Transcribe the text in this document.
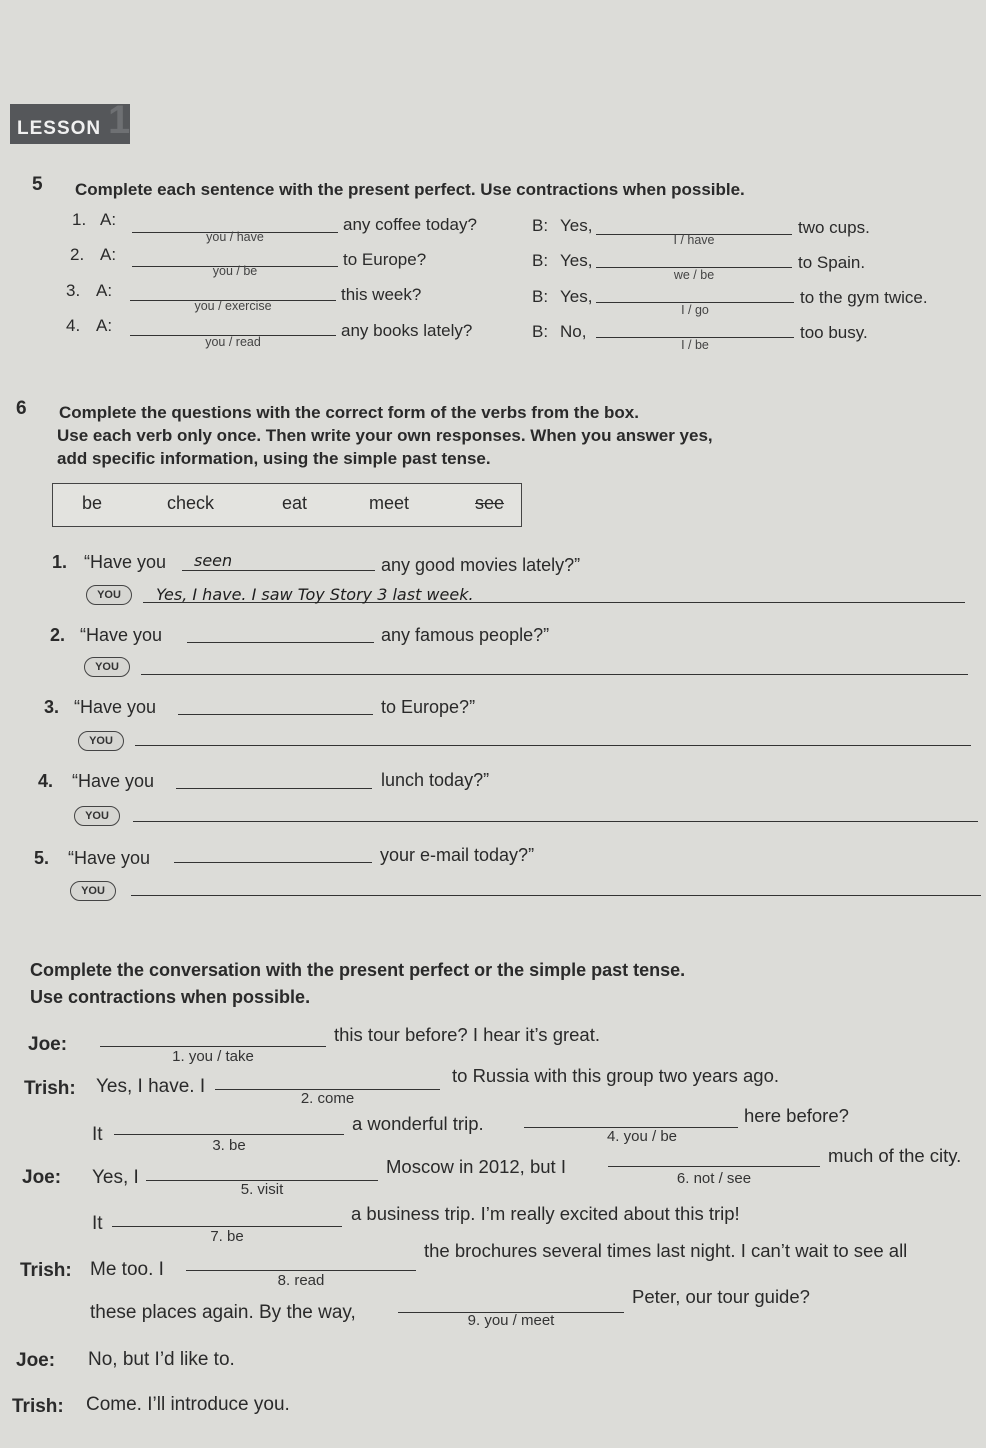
1
LESSON
5 Complete each sentence with the present perfect. Use contractions when possible.
1. A:
you / have
any coffee today?	B: Yes,
I / have
two cups.
2. A:
you / be
to Europe?	B: Yes,
we / be
to Spain.
3. A:
you / exercise
this week?	B: Yes,
I / go
to the gym twice.
4. A:
you / read
any books lately?	B: No,
I / be
too busy.
6 Complete the questions with the correct form of the verbs from the box.
Use each verb only once. Then write your own responses. When you answer yes,
add specific information, using the simple past tense.
be	check	eat	meet	see
1. “Have you seen	any good movies lately?”
YOU	Yes, I have. I saw Toy Story 3 last week.
2. “Have you	any famous people?”
YOU
3. “Have you	to Europe?”
YOU
4. “Have you	lunch today?”
YOU
5. “Have you	your e-mail today?”
YOU
Complete the conversation with the present perfect or the simple past tense.
Use contractions when possible.
Joe:
1. you / take
this tour before? I hear it’s great.
Trish: Yes, I have. I
2. come
to Russia with this group two years ago.
It
3. be
a wonderful trip.
4. you / be
here before?
Joe: Yes, I
5. visit
Moscow in 2012, but I
6. not / see
much of the city.
It
7. be
a business trip. I’m really excited about this trip!
Trish: Me too. I
8. read
the brochures several times last night. I can’t wait to see all
these places again. By the way,	9. you / meet
Peter, our tour guide?
Joe: No, but I’d like to.
Trish: Come. I’ll introduce you.
